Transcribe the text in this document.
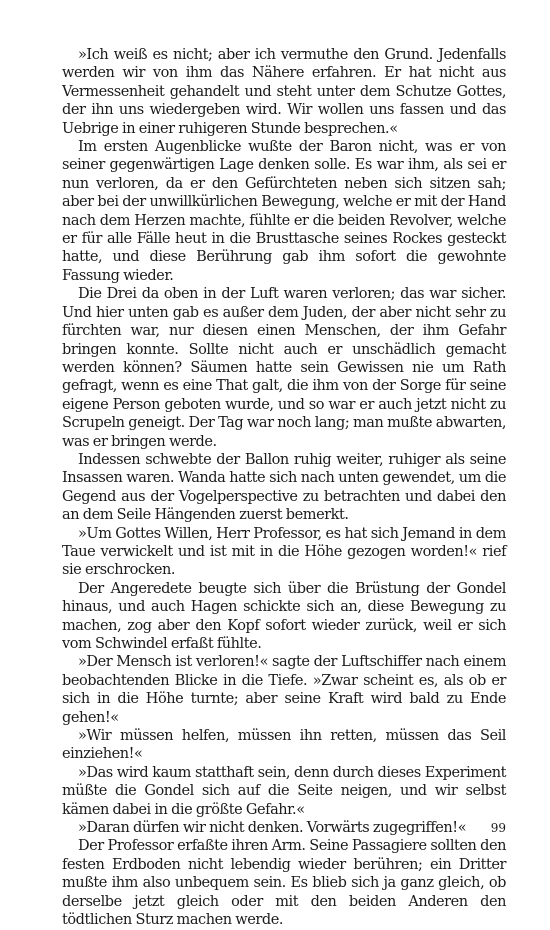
»Ich weiß es nicht; aber ich vermuthe den Grund. Jedenfalls werden wir von ihm das Nähere erfahren. Er hat nicht aus Vermessenheit gehandelt und steht unter dem Schutze Gottes, der ihn uns wiedergeben wird. Wir wollen uns fassen und das Uebrige in einer ruhigeren Stunde besprechen.«

Im ersten Augenblicke wußte der Baron nicht, was er von seiner gegenwärtigen Lage denken solle. Es war ihm, als sei er nun verloren, da er den Gefürchteten neben sich sitzen sah; aber bei der unwillkürlichen Bewegung, welche er mit der Hand nach dem Herzen machte, fühlte er die beiden Revolver, welche er für alle Fälle heut in die Brusttasche seines Rockes gesteckt hatte, und diese Berührung gab ihm sofort die gewohnte Fassung wieder.

Die Drei da oben in der Luft waren verloren; das war sicher. Und hier unten gab es außer dem Juden, der aber nicht sehr zu fürchten war, nur diesen einen Menschen, der ihm Gefahr bringen konnte. Sollte nicht auch er unschädlich gemacht werden können? Säumen hatte sein Gewissen nie um Rath gefragt, wenn es eine That galt, die ihm von der Sorge für seine eigene Person geboten wurde, und so war er auch jetzt nicht zu Scrupeln geneigt. Der Tag war noch lang; man mußte abwarten, was er bringen werde.

Indessen schwebte der Ballon ruhig weiter, ruhiger als seine Insassen waren. Wanda hatte sich nach unten gewendet, um die Gegend aus der Vogelperspective zu betrachten und dabei den an dem Seile Hängenden zuerst bemerkt.

»Um Gottes Willen, Herr Professor, es hat sich Jemand in dem Taue verwickelt und ist mit in die Höhe gezogen worden!« rief sie erschrocken.

Der Angeredete beugte sich über die Brüstung der Gondel hinaus, und auch Hagen schickte sich an, diese Bewegung zu machen, zog aber den Kopf sofort wieder zurück, weil er sich vom Schwindel erfaßt fühlte.

»Der Mensch ist verloren!« sagte der Luftschiffer nach einem beobachtenden Blicke in die Tiefe. »Zwar scheint es, als ob er sich in die Höhe turnte; aber seine Kraft wird bald zu Ende gehen!«

»Wir müssen helfen, müssen ihn retten, müssen das Seil einziehen!«

»Das wird kaum statthaft sein, denn durch dieses Experiment müßte die Gondel sich auf die Seite neigen, und wir selbst kämen dabei in die größte Gefahr.«

»Daran dürfen wir nicht denken. Vorwärts zugegriffen!«

Der Professor erfaßte ihren Arm. Seine Passagiere sollten den festen Erdboden nicht lebendig wieder berühren; ein Dritter mußte ihm also unbequem sein. Es blieb sich ja ganz gleich, ob derselbe jetzt gleich oder mit den beiden Anderen den tödtlichen Sturz machen werde.

99
